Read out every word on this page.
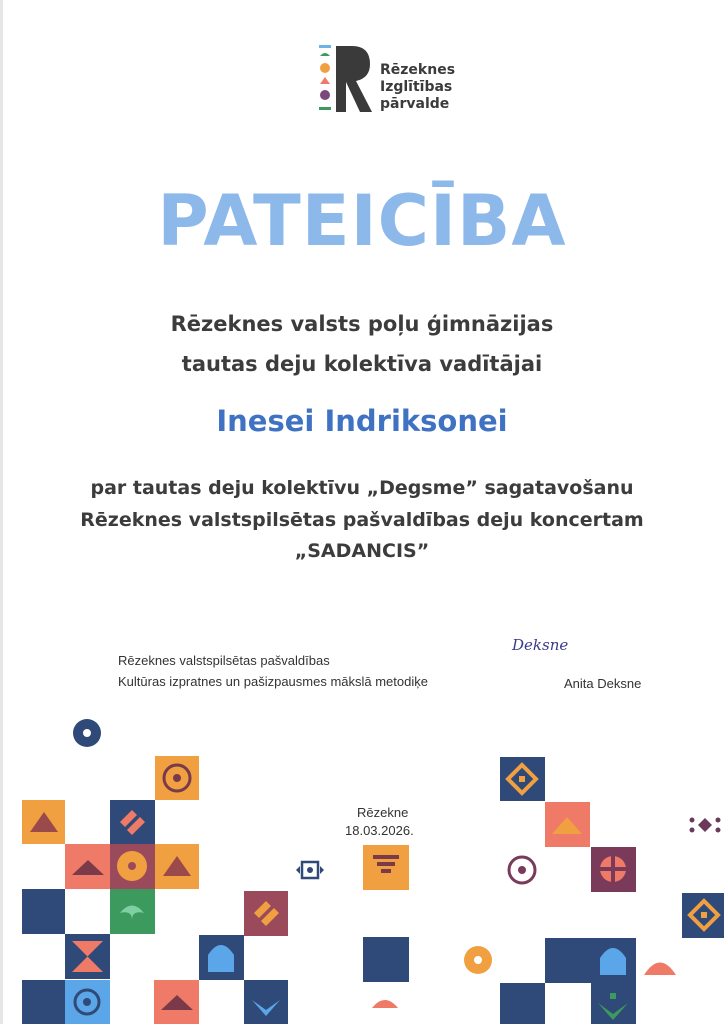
Rēzeknes
Izglītības
pārvalde
PATEICĪBA
Rēzeknes valsts poļu ģimnāzijas
tautas deju kolektīva vadītājai
Inesei Indriksonei
par tautas deju kolektīvu „Degsme” sagatavošanu
Rēzeknes valstspilsētas pašvaldības deju koncertam
„SADANCIS”
Rēzeknes valstspilsētas pašvaldības
Kultūras izpratnes un pašizpausmes mākslā metodiķe
Deksne
Anita Deksne
Rēzekne
18.03.2026.
